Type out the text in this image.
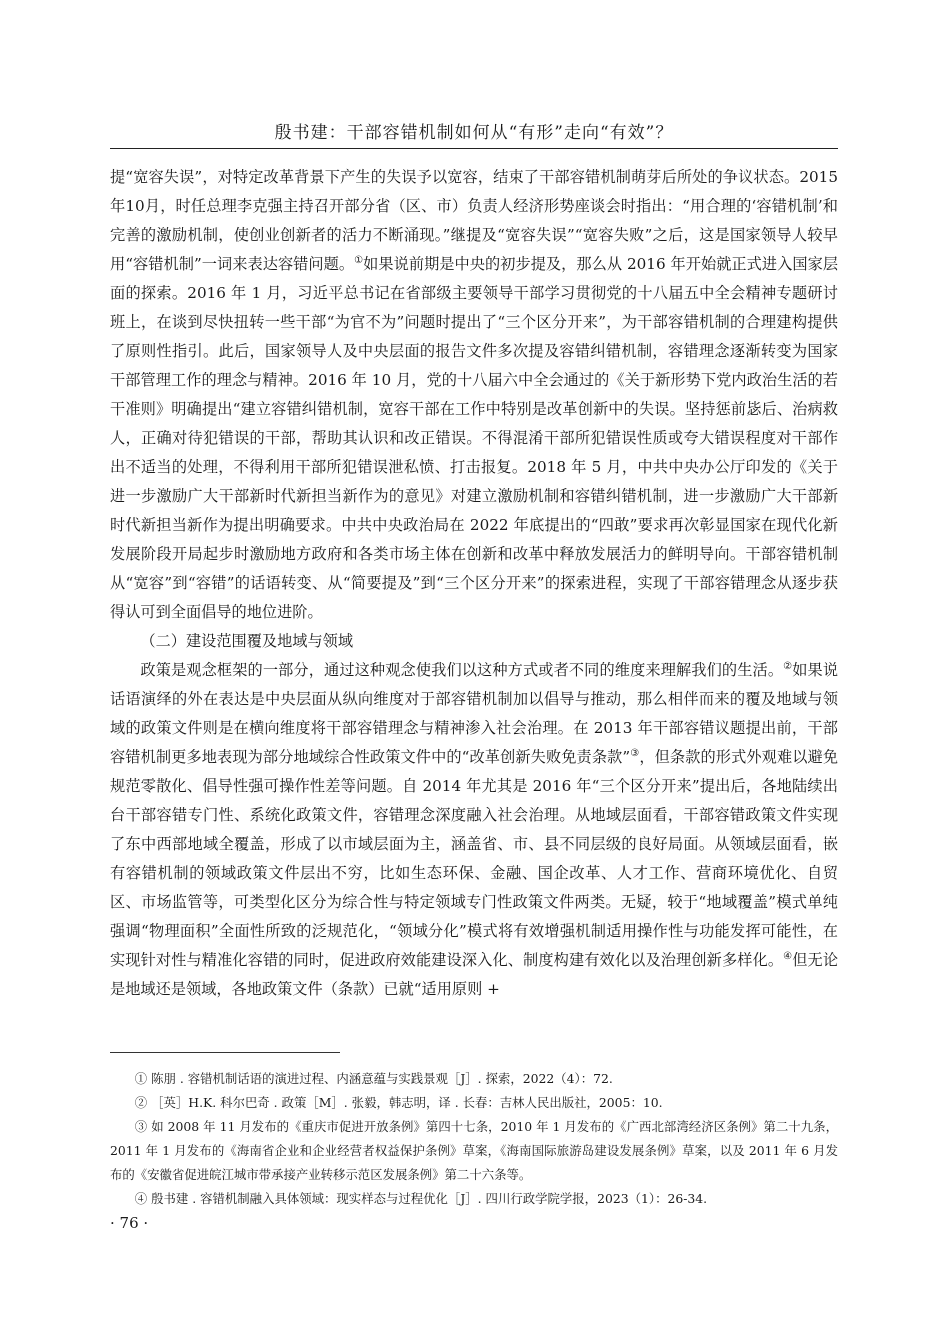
殷书建：干部容错机制如何从“有形”走向“有效”？

提“宽容失误”，对特定改革背景下产生的失误予以宽容，结束了干部容错机制萌芽后所处的争议状态。2015年10月，时任总理李克强主持召开部分省（区、市）负责人经济形势座谈会时指出：“用合理的‘容错机制’和完善的激励机制，使创业创新者的活力不断涌现。”继提及“宽容失误”“宽容失败”之后，这是国家领导人较早用“容错机制”一词来表达容错问题。①如果说前期是中央的初步提及，那么从 2016 年开始就正式进入国家层面的探索。2016 年 1 月，习近平总书记在省部级主要领导干部学习贯彻党的十八届五中全会精神专题研讨班上，在谈到尽快扭转一些干部“为官不为”问题时提出了“三个区分开来”，为干部容错机制的合理建构提供了原则性指引。此后，国家领导人及中央层面的报告文件多次提及容错纠错机制，容错理念逐渐转变为国家干部管理工作的理念与精神。2016 年 10 月，党的十八届六中全会通过的《关于新形势下党内政治生活的若干准则》明确提出“建立容错纠错机制，宽容干部在工作中特别是改革创新中的失误。坚持惩前毖后、治病救人，正确对待犯错误的干部，帮助其认识和改正错误。不得混淆干部所犯错误性质或夸大错误程度对干部作出不适当的处理，不得利用干部所犯错误泄私愤、打击报复。2018 年 5 月，中共中央办公厅印发的《关于进一步激励广大干部新时代新担当新作为的意见》对建立激励机制和容错纠错机制，进一步激励广大干部新时代新担当新作为提出明确要求。中共中央政治局在 2022 年底提出的“四敢”要求再次彰显国家在现代化新发展阶段开局起步时激励地方政府和各类市场主体在创新和改革中释放发展活力的鲜明导向。干部容错机制从“宽容”到“容错”的话语转变、从“简要提及”到“三个区分开来”的探索进程，实现了干部容错理念从逐步获得认可到全面倡导的地位进阶。

（二）建设范围覆及地域与领域

政策是观念框架的一部分，通过这种观念使我们以这种方式或者不同的维度来理解我们的生活。②如果说话语演绎的外在表达是中央层面从纵向维度对于部容错机制加以倡导与推动，那么相伴而来的覆及地域与领域的政策文件则是在横向维度将干部容错理念与精神渗入社会治理。在 2013 年干部容错议题提出前，干部容错机制更多地表现为部分地域综合性政策文件中的“改革创新失败免责条款”③，但条款的形式外观难以避免规范零散化、倡导性强可操作性差等问题。自 2014 年尤其是 2016 年“三个区分开来”提出后，各地陆续出台干部容错专门性、系统化政策文件，容错理念深度融入社会治理。从地域层面看，干部容错政策文件实现了东中西部地域全覆盖，形成了以市域层面为主，涵盖省、市、县不同层级的良好局面。从领域层面看，嵌有容错机制的领域政策文件层出不穷，比如生态环保、金融、国企改革、人才工作、营商环境优化、自贸区、市场监管等，可类型化区分为综合性与特定领域专门性政策文件两类。无疑，较于“地域覆盖”模式单纯强调“物理面积”全面性所致的泛规范化，“领域分化”模式将有效增强机制适用操作性与功能发挥可能性，在实现针对性与精准化容错的同时，促进政府效能建设深入化、制度构建有效化以及治理创新多样化。④但无论是地域还是领域，各地政策文件（条款）已就“适用原则 +

① 陈朋 . 容错机制话语的演进过程、内涵意蕴与实践景观［J］. 探索，2022（4）：72.

② ［英］H.K. 科尔巴奇 . 政策［M］. 张毅，韩志明，译 . 长春：吉林人民出版社，2005：10.

③ 如 2008 年 11 月发布的《重庆市促进开放条例》第四十七条，2010 年 1 月发布的《广西北部湾经济区条例》第二十九条，2011 年 1 月发布的《海南省企业和企业经营者权益保护条例》草案，《海南国际旅游岛建设发展条例》草案，以及 2011 年 6 月发布的《安徽省促进皖江城市带承接产业转移示范区发展条例》第二十六条等。

④ 殷书建 . 容错机制融入具体领域：现实样态与过程优化［J］. 四川行政学院学报，2023（1）：26-34.

· 76 ·
